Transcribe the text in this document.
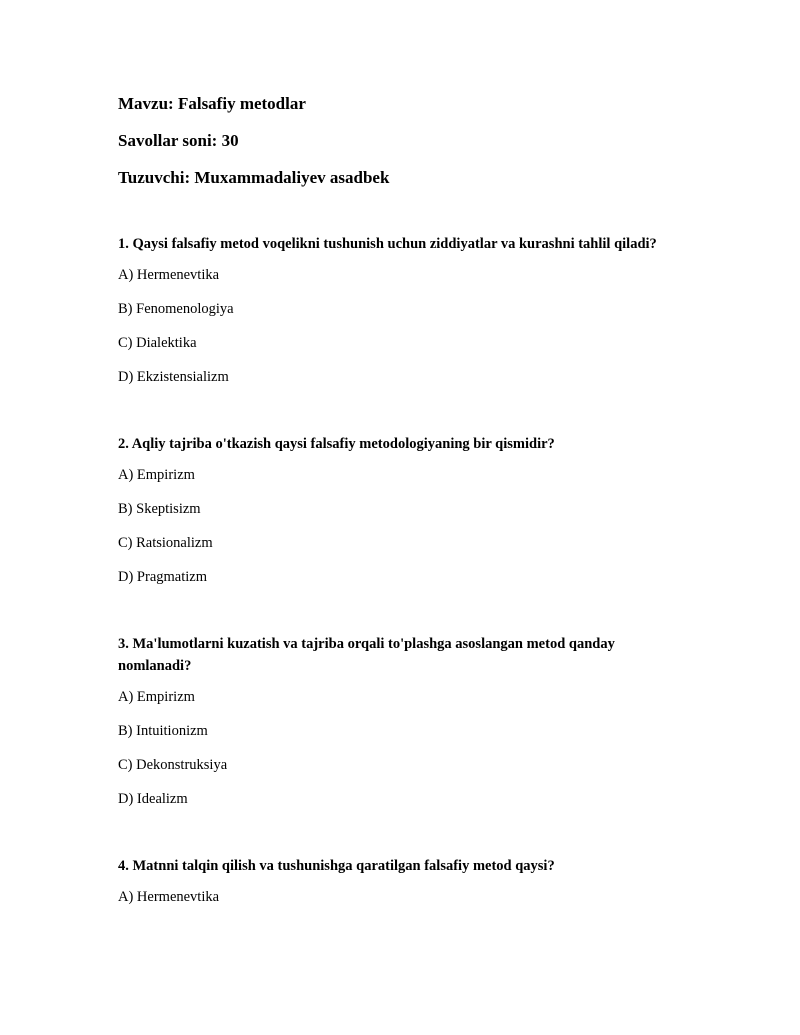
Mavzu: Falsafiy metodlar
Savollar soni: 30
Tuzuvchi: Muxammadaliyev asadbek
1. Qaysi falsafiy metod voqelikni tushunish uchun ziddiyatlar va kurashni tahlil qiladi?
A) Hermenevtika
B) Fenomenologiya
C) Dialektika
D) Ekzistensializm
2. Aqliy tajriba o'tkazish qaysi falsafiy metodologiyaning bir qismidir?
A) Empirizm
B) Skeptisizm
C) Ratsionalizm
D) Pragmatizm
3. Ma'lumotlarni kuzatish va tajriba orqali to'plashga asoslangan metod qanday nomlanadi?
A) Empirizm
B) Intuitionizm
C) Dekonstruksiya
D) Idealizm
4. Matnni talqin qilish va tushunishga qaratilgan falsafiy metod qaysi?
A) Hermenevtika
